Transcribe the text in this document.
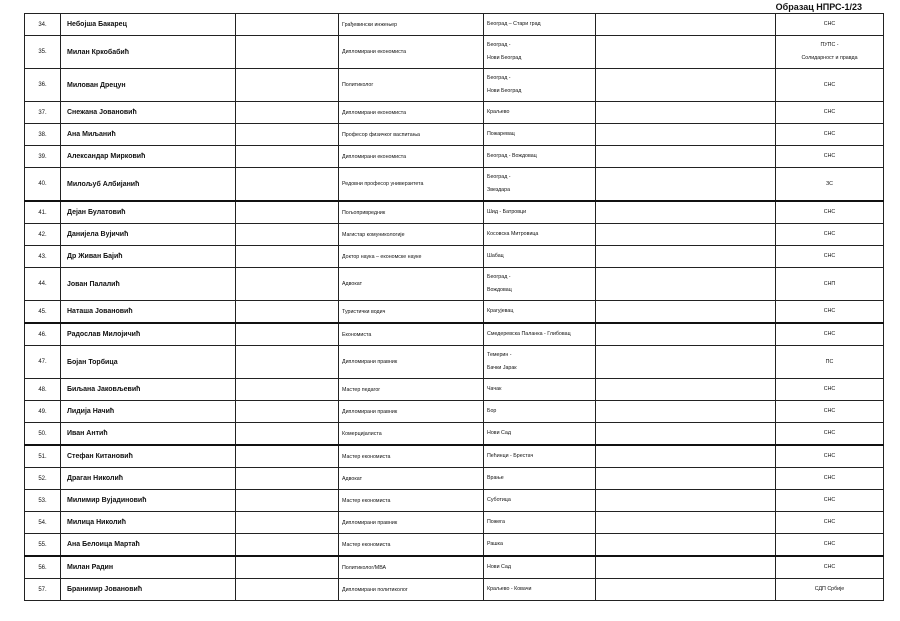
Образац НПРС-1/23
34.	Небојша Бакарец		Грађевински инжењер	Београд – Стари град		СНС

35.	Милан Кркобабић		Дипломирани економиста	Београд -
Нови Београд		ПУПС -
Солидарност и правда

36.	Милован Дрецун		Политиколог	Београд -
Нови Београд		СНС

37.	Снежана Јовановић		Дипломирани економиста	Краљево		СНС

38.	Ана Миљанић		Професор физичког васпитања	Пожаревац		СНС

39.	Александар Мирковић		Дипломирани економиста	Београд - Вождовац		СНС

40.	Милољуб Албијанић		Редовни професор универзитета	Београд -
Звездара		ЗС

41.	Дејан Булатовић		Пољопривредник	Шид - Батровци		СНС

42.	Данијела Вујичић		Магистар комуникологије	Косовска Митровица		СНС

43.	Др Живан Бајић		Доктор наука – економске науке	Шабац		СНС

44.	Јован Палалић		Адвокат	Београд -
Вождовац		СНП

45.	Наташа Јовановић		Туристички водич	Крагујевац		СНС

46.	Радослав Милојичић		Економиста	Смедеревска Паланка - Глибовац		СНС

47.	Бојан Торбица		Дипломирани правник	Темерин -
Бачки Јарак		ПС

48.	Биљана Јаковљевић		Мастер педагог	Чачак		СНС

49.	Лидија Начић		Дипломирани правник	Бор		СНС

50.	Иван Антић		Комерцијалиста	Нови Сад		СНС

51.	Стефан Китановић		Мастер економиста	Пећинци - Брестач		СНС

52.	Драган Николић		Адвокат	Врање		СНС

53.	Милимир Вујадиновић		Мастер економиста	Суботица		СНС

54.	Милица Николић		Дипломирани правник	Пожега		СНС

55.	Ана Белоица Мартаћ		Мастер економиста	Рашка		СНС

56.	Милан Радин		Политиколог/МВА	Нови Сад		СНС

57.	Бранимир Јовановић		Дипломирани политиколог	Краљево - Ковачи		СДП Србије
